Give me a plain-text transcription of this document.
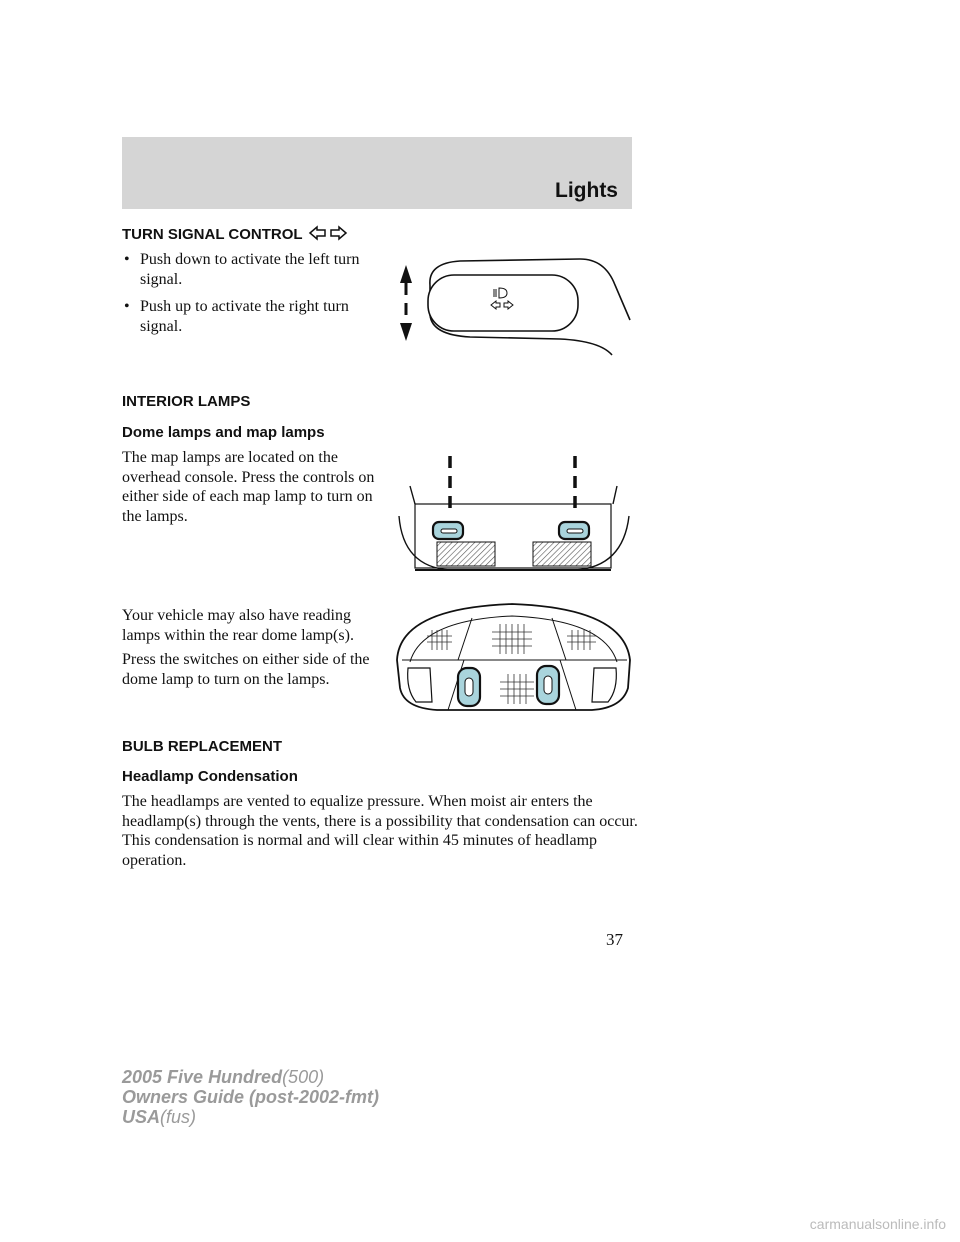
Lights
TURN SIGNAL CONTROL
• Push down to activate the left turn signal.
• Push up to activate the right turn signal.
INTERIOR LAMPS
Dome lamps and map lamps

The map lamps are located on the overhead console. Press the controls on either side of each map lamp to turn on the lamps.

Your vehicle may also have reading lamps within the rear dome lamp(s).

Press the switches on either side of the dome lamp to turn on the lamps.

BULB REPLACEMENT
Headlamp Condensation

The headlamps are vented to equalize pressure. When moist air enters the headlamp(s) through the vents, there is a possibility that condensation can occur. This condensation is normal and will clear within 45 minutes of headlamp operation.

37
2005 Five Hundred(500)
Owners Guide (post-2002-fmt)
USA(fus)
carmanualsonline.info
